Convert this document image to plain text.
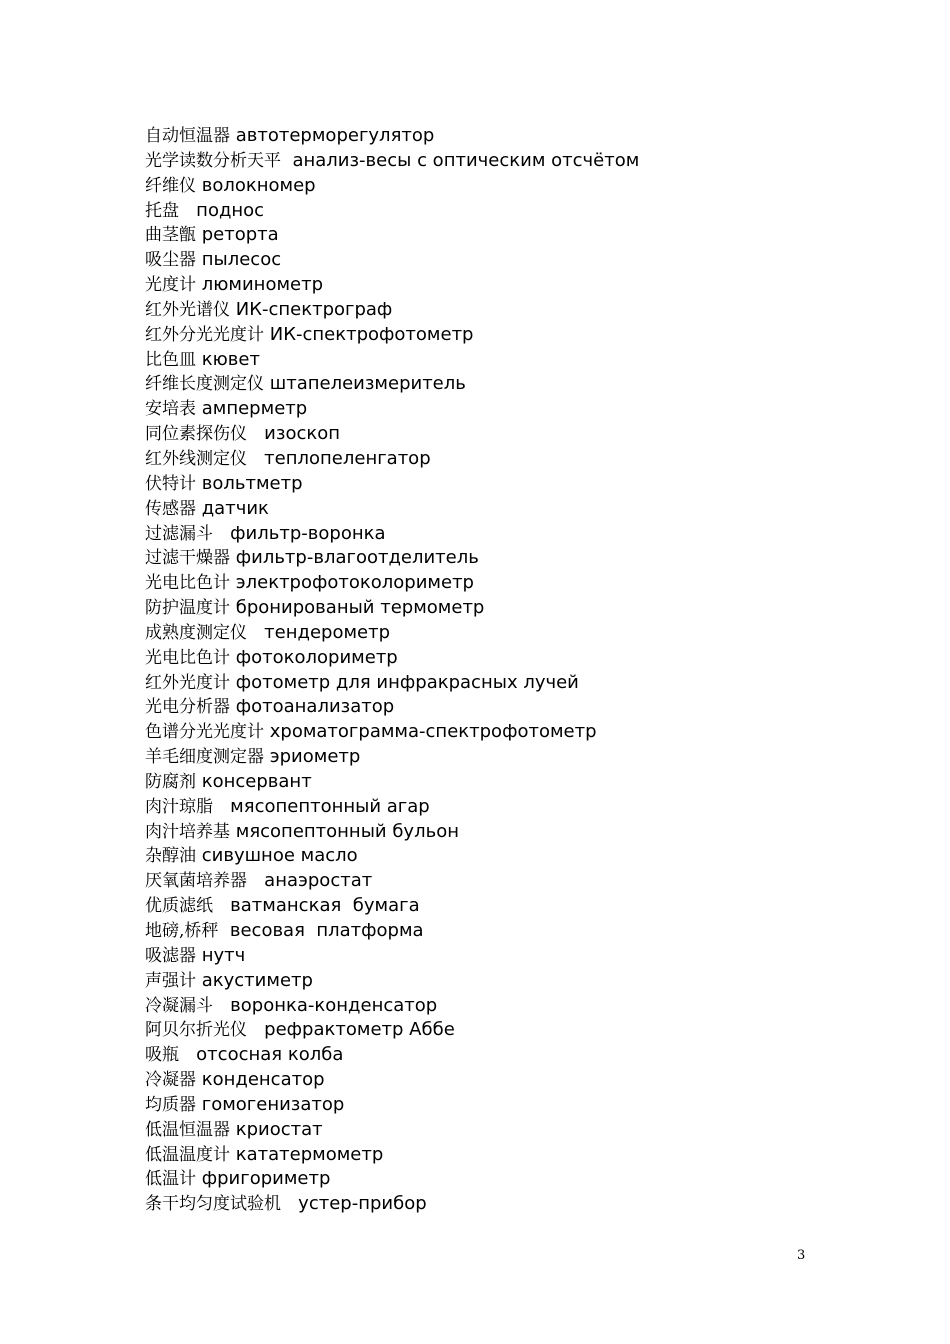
自动恒温器 автотерморегулятор
光学读数分析天平 анализ-весы с оптическим отсчётом
纤维仪 волокномер
托盘 поднос
曲茎甑 ретoрта
吸尘器 пылесос
光度计 люминометр
红外光谱仪 ИК-спектрограф
红外分光光度计 ИК-спектрофотометр
比色皿 кювет
纤维长度测定仪 штапелеизмеритель
安培表 амперметр
同位素探伤仪 изоскоп
红外线测定仪 теплопеленгатор
伏特计 вольтметр
传感器 датчик
过滤漏斗 фильтр-воронка
过滤干燥器 фильтр-влагоотделитель
光电比色计 электрофотоколориметр
防护温度计 бронированый термометр
成熟度测定仪 тендерометр
光电比色计 фотоколориметр
红外光度计 фотометр для инфракрасных лучей
光电分析器 фотоанализатор
色谱分光光度计 хроматограмма-спектрофотометр
羊毛细度测定器 эриометр
防腐剂 консервант
肉汁琼脂 мясопептонный агар
肉汁培养基 мясопептонный бульон
杂醇油 сивушное масло
厌氧菌培养器 анаэростат
优质滤纸 ватманская  бумага
地磅,桥秤 весовая  платформа
吸滤器 нутч
声强计 акустиметр
冷凝漏斗 воронка-конденсатор
阿贝尔折光仪 рефрактометр Аббе
吸瓶 отсосная колба
冷凝器 конденсатор
均质器 гомогенизатор
低温恒温器 криостат
低温温度计 кататермометр
低温计 фригориметр
条干均匀度试验机 устер-прибор
3
